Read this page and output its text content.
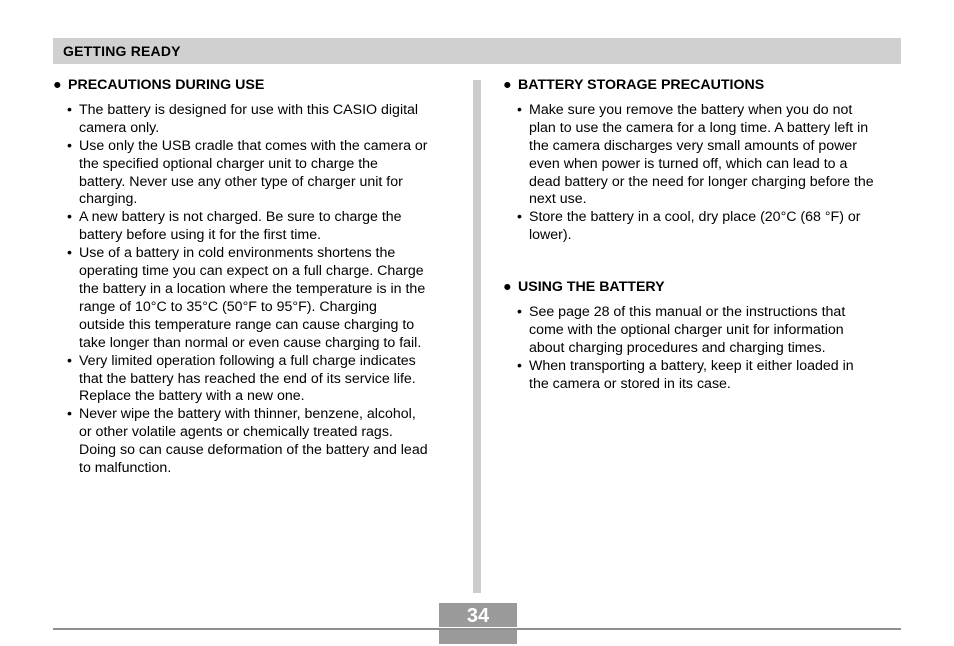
GETTING READY
● PRECAUTIONS DURING USE
• The battery is designed for use with this CASIO digital
camera only.
• Use only the USB cradle that comes with the camera or
the specified optional charger unit to charge the
battery. Never use any other type of charger unit for
charging.
• A new battery is not charged. Be sure to charge the
battery before using it for the first time.
• Use of a battery in cold environments shortens the
operating time you can expect on a full charge. Charge
the battery in a location where the temperature is in the
range of 10°C to 35°C (50°F to 95°F). Charging
outside this temperature range can cause charging to
take longer than normal or even cause charging to fail.
• Very limited operation following a full charge indicates
that the battery has reached the end of its service life.
Replace the battery with a new one.
• Never wipe the battery with thinner, benzene, alcohol,
or other volatile agents or chemically treated rags.
Doing so can cause deformation of the battery and lead
to malfunction.
● BATTERY STORAGE PRECAUTIONS
• Make sure you remove the battery when you do not
plan to use the camera for a long time. A battery left in
the camera discharges very small amounts of power
even when power is turned off, which can lead to a
dead battery or the need for longer charging before the
next use.
• Store the battery in a cool, dry place (20°C (68 °F) or
lower).
● USING THE BATTERY
• See page 28 of this manual or the instructions that
come with the optional charger unit for information
about charging procedures and charging times.
• When transporting a battery, keep it either loaded in
the camera or stored in its case.
34
